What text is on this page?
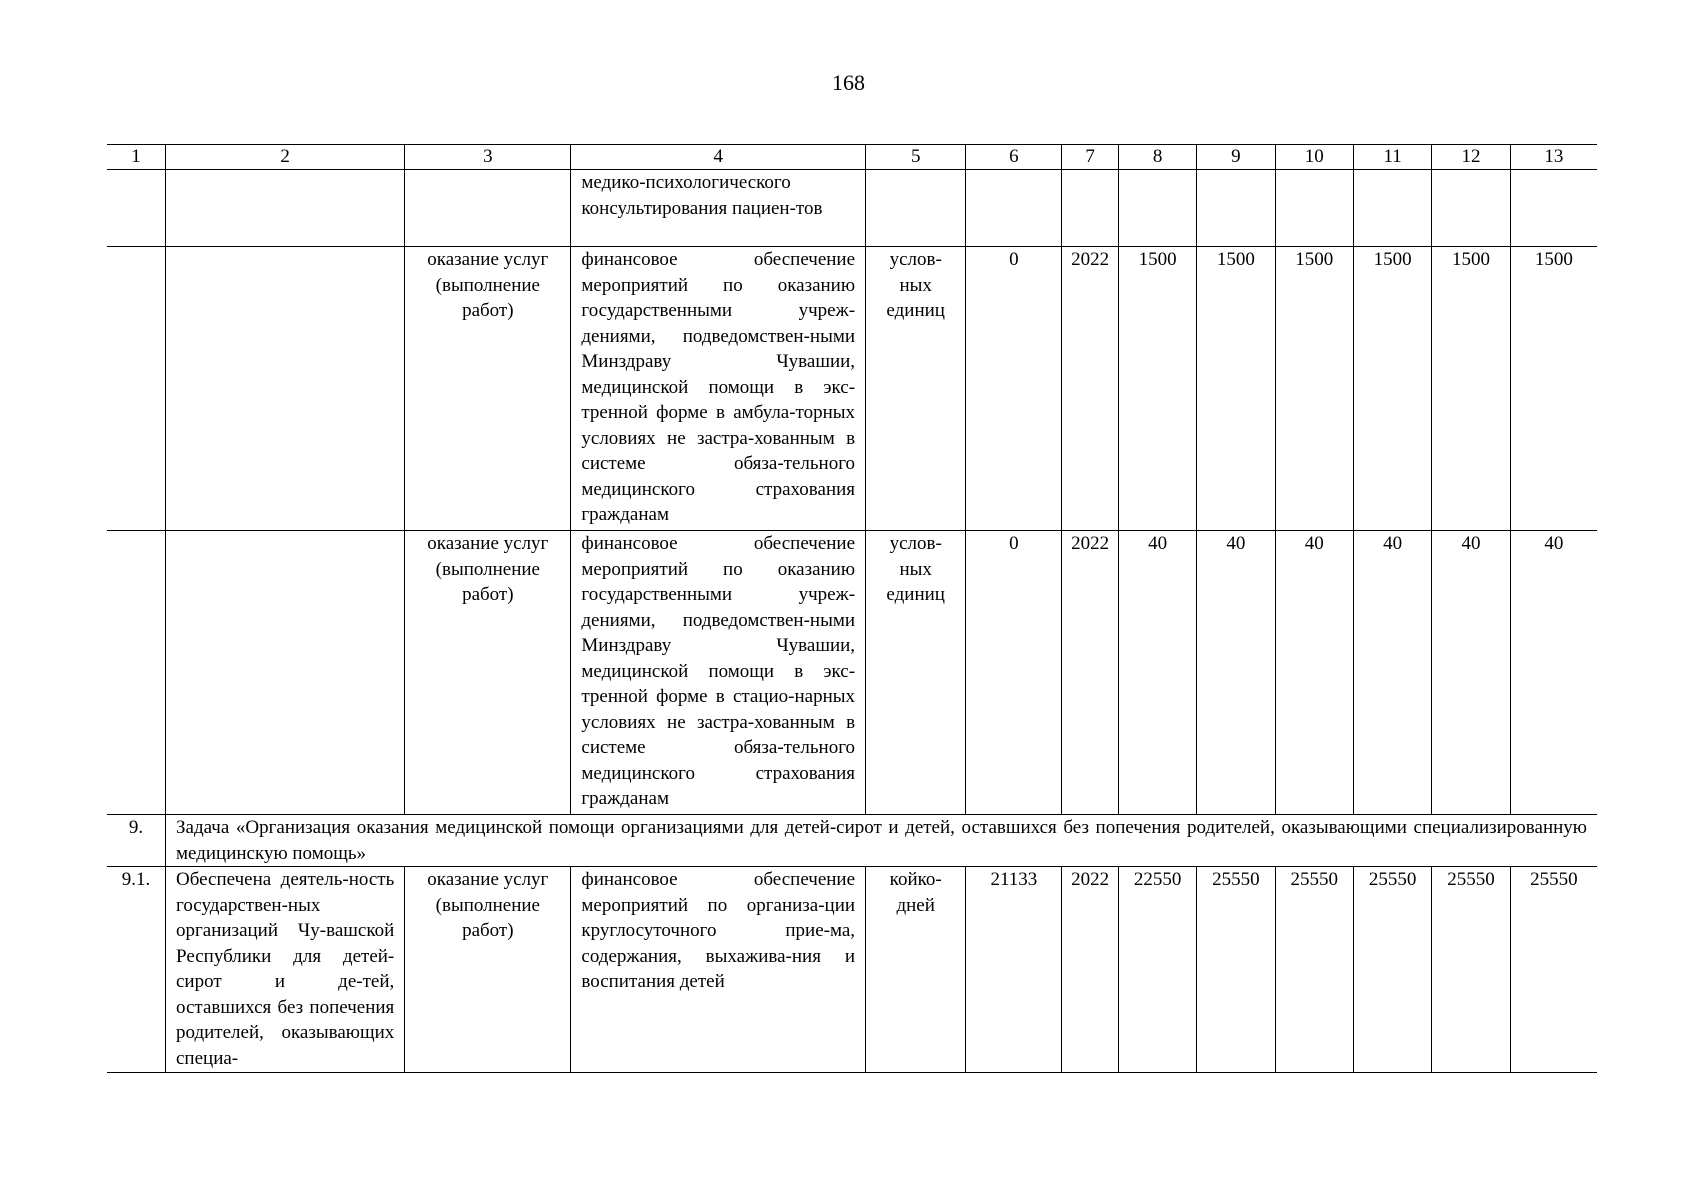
168
1	2	3	4	5	6	7	8	9	10	11	12	13
			медико-психологического консультирования пациен-тов									
		оказание услуг (выполнение работ)	финансовое обеспечение мероприятий по оказанию государственными учреж-дениями, подведомствен-ными Минздраву Чувашии, медицинской помощи в экс-тренной форме в амбула-торных условиях не застра-хованным в системе обяза-тельного медицинского страхования гражданам	услов-ных единиц	0	2022	1500	1500	1500	1500	1500	1500
		оказание услуг (выполнение работ)	финансовое обеспечение мероприятий по оказанию государственными учреж-дениями, подведомствен-ными Минздраву Чувашии, медицинской помощи в экс-тренной форме в стацио-нарных условиях не застра-хованным в системе обяза-тельного медицинского страхования гражданам	услов-ных единиц	0	2022	40	40	40	40	40	40
9.	Задача «Организация оказания медицинской помощи организациями для детей-сирот и детей, оставшихся без попечения родителей, оказывающими специализированную медицинскую помощь»											
9.1.	Обеспечена деятель-ность государствен-ных организаций Чу-вашской Республики для детей-сирот и де-тей, оставшихся без попечения родителей, оказывающих специа-	оказание услуг (выполнение работ)	финансовое обеспечение мероприятий по организа-ции круглосуточного прие-ма, содержания, выхажива-ния и воспитания детей	койко-дней	21133	2022	22550	25550	25550	25550	25550	25550
